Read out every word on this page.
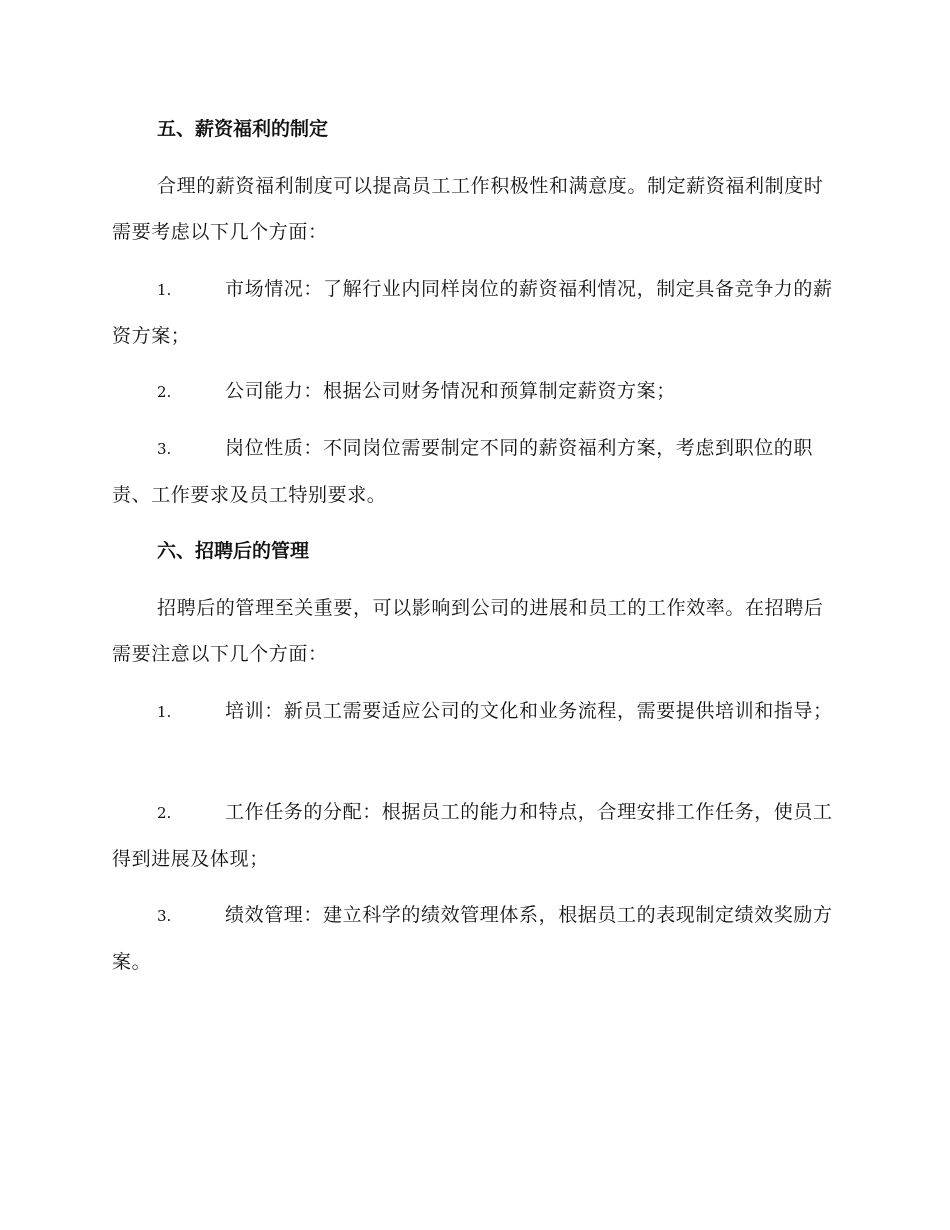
五、薪资福利的制定
合理的薪资福利制度可以提高员工工作积极性和满意度。制定薪资福利制度时需要考虑以下几个方面：
1.	市场情况：了解行业内同样岗位的薪资福利情况，制定具备竞争力的薪资方案；
2.	公司能力：根据公司财务情况和预算制定薪资方案；
3.	岗位性质：不同岗位需要制定不同的薪资福利方案，考虑到职位的职责、工作要求及员工特别要求。
六、招聘后的管理
招聘后的管理至关重要，可以影响到公司的进展和员工的工作效率。在招聘后需要注意以下几个方面：
1.	培训：新员工需要适应公司的文化和业务流程，需要提供培训和指导；
2.	工作任务的分配：根据员工的能力和特点，合理安排工作任务，使员工得到进展及体现；
3.	绩效管理：建立科学的绩效管理体系，根据员工的表现制定绩效奖励方案。
